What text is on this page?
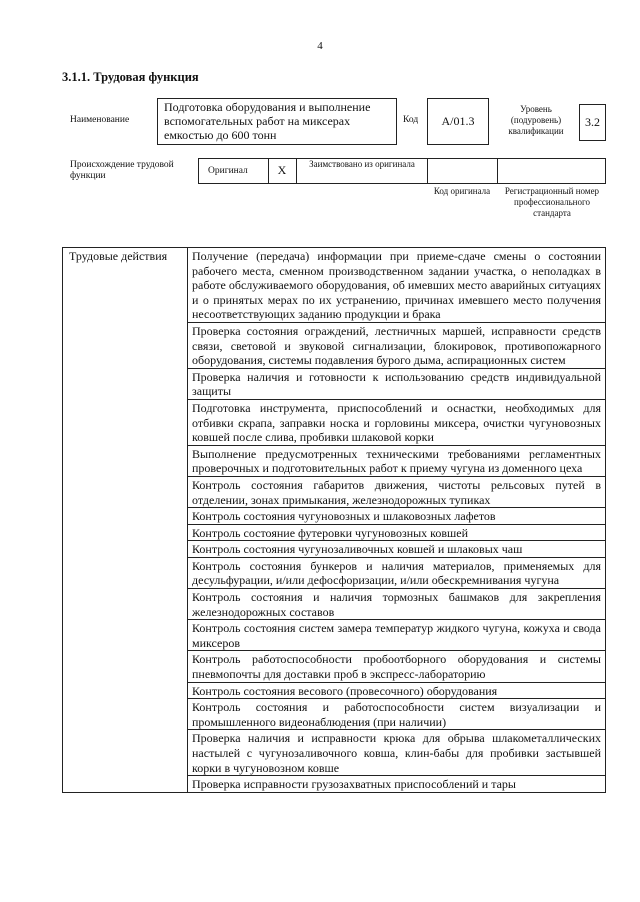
4
3.1.1. Трудовая функция
Наименование
Подготовка оборудования и выполнение вспомогательных работ на миксерах емкостью до 600 тонн
Код	А/01.3
Уровень (подуровень) квалификации
3.2
Происхождение трудовой функции	Оригинал	X	Заимствовано из оригинала
Код оригинала	Регистрационный номер профессионального стандарта
Трудовые действия	Получение (передача) информации при приеме-сдаче смены о состоянии рабочего места, сменном производственном задании участка, о неполадках в работе обслуживаемого оборудования, об имевших место аварийных ситуациях и о принятых мерах по их устранению, причинах имевшего место получения несоответствующих заданию продукции и брака
Проверка состояния ограждений, лестничных маршей, исправности средств связи, световой и звуковой сигнализации, блокировок, противопожарного оборудования, системы подавления бурого дыма, аспирационных систем
Проверка наличия и готовности к использованию средств индивидуальной защиты
Подготовка инструмента, приспособлений и оснастки, необходимых для отбивки скрапа, заправки носка и горловины миксера, очистки чугуновозных ковшей после слива, пробивки шлаковой корки
Выполнение предусмотренных техническими требованиями регламентных проверочных и подготовительных работ к приему чугуна из доменного цеха
Контроль состояния габаритов движения, чистоты рельсовых путей в отделении, зонах примыкания, железнодорожных тупиках
Контроль состояния чугуновозных и шлаковозных лафетов
Контроль состояние футеровки чугуновозных ковшей
Контроль состояния чугунозаливочных ковшей и шлаковых чаш
Контроль состояния бункеров и наличия материалов, применяемых для десульфурации, и/или дефосфоризации, и/или обескремнивания чугуна
Контроль состояния и наличия тормозных башмаков для закрепления железнодорожных составов
Контроль состояния систем замера температур жидкого чугуна, кожуха и свода миксеров
Контроль работоспособности пробоотборного оборудования и системы пневмопочты для доставки проб в экспресс-лабораторию
Контроль состояния весового (провесочного) оборудования
Контроль состояния и работоспособности систем визуализации и промышленного видеонаблюдения (при наличии)
Проверка наличия и исправности крюка для обрыва шлакометаллических настылей с чугунозаливочного ковша, клин-бабы для пробивки застывшей корки в чугуновозном ковше
Проверка исправности грузозахватных приспособлений и тары
